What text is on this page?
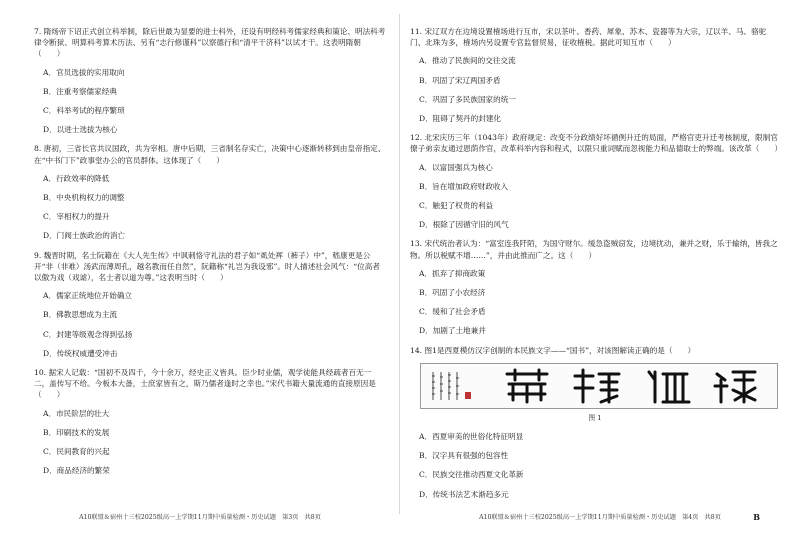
7. 隋炀帝下诏正式创立科举制，除后世最为显要的进士科外，还设有明经科考儒家经典和策论、明法科考律令断狱、明算科考算术历法、另有“志行修谨科”以察德行和“清平干济科”以试才干。这表明隋朝（　　）
A．官员选拔的实用取向
B．注重考察儒家经典
C．科举考试的程序繁琐
D．以进士选拔为核心
8. 唐初，三省长官共议国政，共为宰相。唐中后期，三省制名存实亡，决策中心逐渐转移到由皇帝指定、在“中书门下”政事堂办公的官员群体。这体现了（　　）
A．行政效率的降低
B．中央机构权力的调整
C．宰相权力的提升
D．门阀士族政治的消亡
9. 魏晋时期，名士阮籍在《大人先生传》中讽刺恪守礼法的君子如“虱处裈（裤子）中”，嵇康更是公开“非（非难）汤武而薄周孔，越名教而任自然”，阮籍称“礼岂为我设邪”。时人描述社会风气：“位高者以傲为戏（戏谑），名士者以道为尊。”这表明当时（　　）
A．儒家正统地位开始确立
B．佛教思想成为主流
C．封建等级观念得到弘扬
D．传统权威遭受冲击
10. 据宋人记载：“国初不及四千，今十余万，经史正义皆具。臣少时业儒，观学徒能具经疏者百无一二，盖传写不给。今板本大备，士庶家皆有之，斯乃儒者逢时之幸也。”宋代书籍大量流通的直接原因是（　　）
A．市民阶层的壮大
B．印刷技术的发展
C．民间教育的兴起
D．商品经济的繁荣
A10联盟＆宿州十三校2025级高一上学期11月期中质量检测・历史试题　第3页　共8页
11. 宋辽双方在边境设置榷场进行互市，宋以茶叶、香药、犀象、苏木、瓷器等为大宗，辽以羊、马、骆驼门、北珠为多，榷场内另设置专官监督贸易，征收榷税。据此可知互市（　　）
A．推动了民族间的交往交流
B．巩固了宋辽两国矛盾
C．巩固了多民族国家的统一
D．阻碍了契丹的封建化
12. 北宋庆历三年（1043年）政府规定：改变不分政绩好坏循例升迁的局面，严格官吏升迁考核制度，限制官僚子弟亲友通过恩荫作官，改革科举内容和程式，以限只重词赋而忽视能力和品德取士的弊端。该改革（　　）
A．以富国强兵为核心
B．旨在增加政府财政收入
C．触犯了权贵的利益
D．根除了因循守旧的风气
13. 宋代统治者认为：“富室连我阡陌，为国守财尔。缓急盗贼窃发，边境扰动，兼并之财，乐于输纳，皆我之物。所以税赋不增……”，并由此推而广之。这（　　）
A．抓弃了抑商政策
B．巩固了小农经济
C．缓和了社会矛盾
D．加剧了土地兼并
14. 图1是西夏模仿汉字创制的本民族文字——“国书”，对该图解读正确的是（　　）
图 1
A．西夏审美的世俗化特征明显
B．汉字具有很强的包容性
C．民族交往推动西夏文化革新
D．传统书法艺术渐趋多元
A10联盟＆宿州十三校2025级高一上学期11月期中质量检测・历史试题　第4页　共8页	B
